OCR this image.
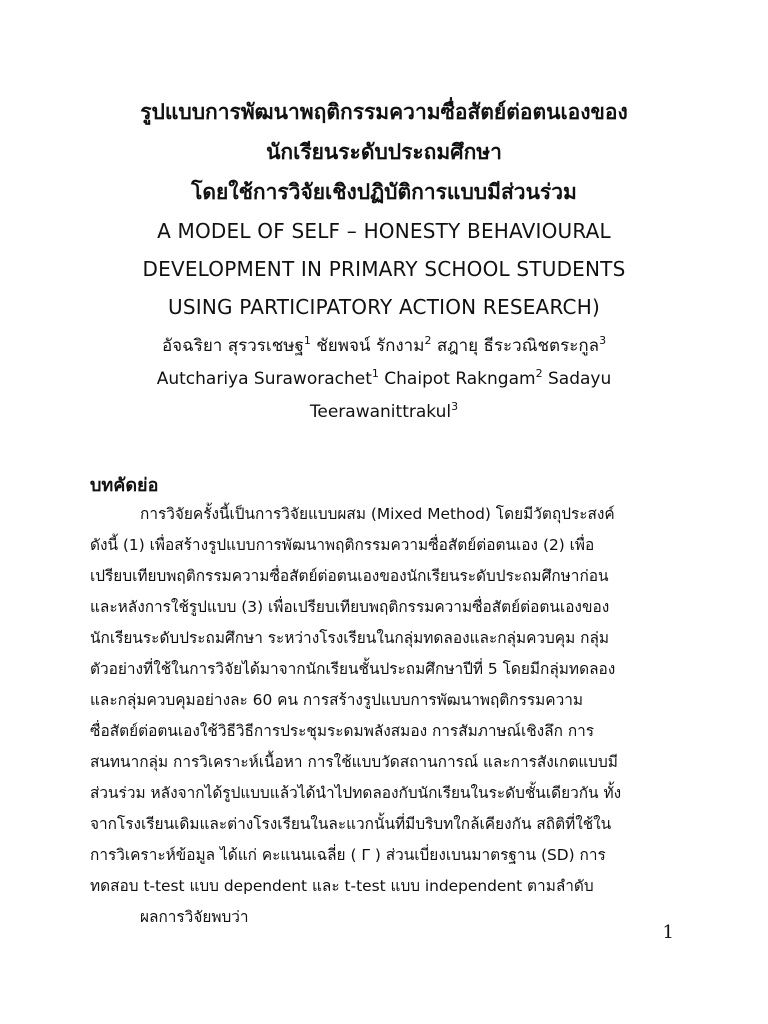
รูปแบบการพัฒนาพฤติกรรมความซื่อสัตย์ต่อตนเองของ
นักเรียนระดับประถมศึกษา
โดยใช้การวิจัยเชิงปฏิบัติการแบบมีส่วนร่วม
A MODEL OF SELF – HONESTY BEHAVIOURAL
DEVELOPMENT IN PRIMARY SCHOOL STUDENTS
USING PARTICIPATORY ACTION RESEARCH)
อัจฉริยา สุรวรเชษฐ$^1$ ชัยพจน์ รักงาม$^2$ สฎายุ ธีระวณิชตระกูล$^3$
Autchariya Suraworachet$^1$ Chaipot Rakngam$^2$ Sadayu
Teerawanittrakul$^3$
บทคัดย่อ
การวิจัยครั้งนี้เป็นการวิจัยแบบผสม (Mixed Method) โดยมีวัตถุประสงค์
ดังนี้ (1) เพื่อสร้างรูปแบบการพัฒนาพฤติกรรมความซื่อสัตย์ต่อตนเอง (2) เพื่อ
เปรียบเทียบพฤติกรรมความซื่อสัตย์ต่อตนเองของนักเรียนระดับประถมศึกษาก่อน
และหลังการใช้รูปแบบ (3) เพื่อเปรียบเทียบพฤติกรรมความซื่อสัตย์ต่อตนเองของ
นักเรียนระดับประถมศึกษา ระหว่างโรงเรียนในกลุ่มทดลองและกลุ่มควบคุม กลุ่ม
ตัวอย่างที่ใช้ในการวิจัยได้มาจากนักเรียนชั้นประถมศึกษาปีที่ 5 โดยมีกลุ่มทดลอง
และกลุ่มควบคุมอย่างละ 60 คน การสร้างรูปแบบการพัฒนาพฤติกรรมความ
ซื่อสัตย์ต่อตนเองใช้วิธีวิธีการประชุมระดมพลังสมอง การสัมภาษณ์เชิงลึก การ
สนทนากลุ่ม การวิเคราะห์เนื้อหา การใช้แบบวัดสถานการณ์ และการสังเกตแบบมี
ส่วนร่วม หลังจากได้รูปแบบแล้วได้นำไปทดลองกับนักเรียนในระดับชั้นเดียวกัน ทั้ง
จากโรงเรียนเดิมและต่างโรงเรียนในละแวกนั้นที่มีบริบทใกล้เคียงกัน สถิติที่ใช้ใน
การวิเคราะห์ข้อมูล ได้แก่ คะแนนเฉลี่ย ( Γ ) ส่วนเบี่ยงเบนมาตรฐาน (SD) การ
ทดสอบ t-test แบบ dependent และ t-test แบบ independent ตามลำดับ
ผลการวิจัยพบว่า
1
